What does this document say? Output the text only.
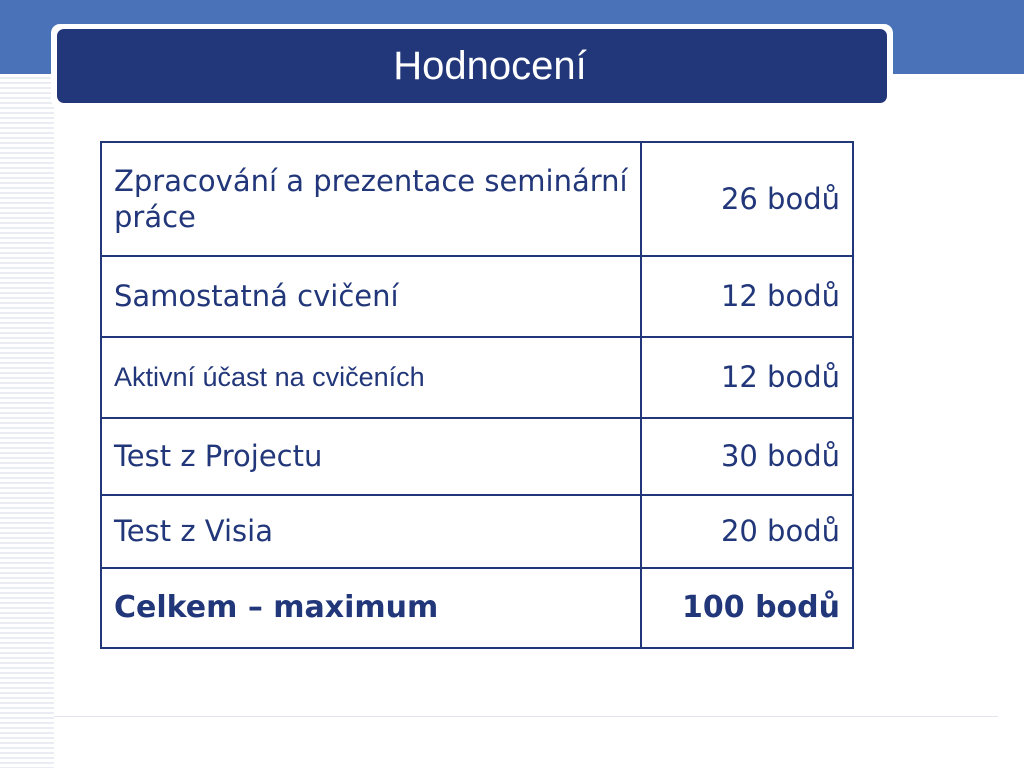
Hodnocení
Zpracování a prezentace seminární práce	26 bodů
Samostatná cvičení	12 bodů
Aktivní účast na cvičeních	12 bodů
Test z Projectu	30 bodů
Test z Visia	20 bodů
Celkem – maximum	100 bodů
